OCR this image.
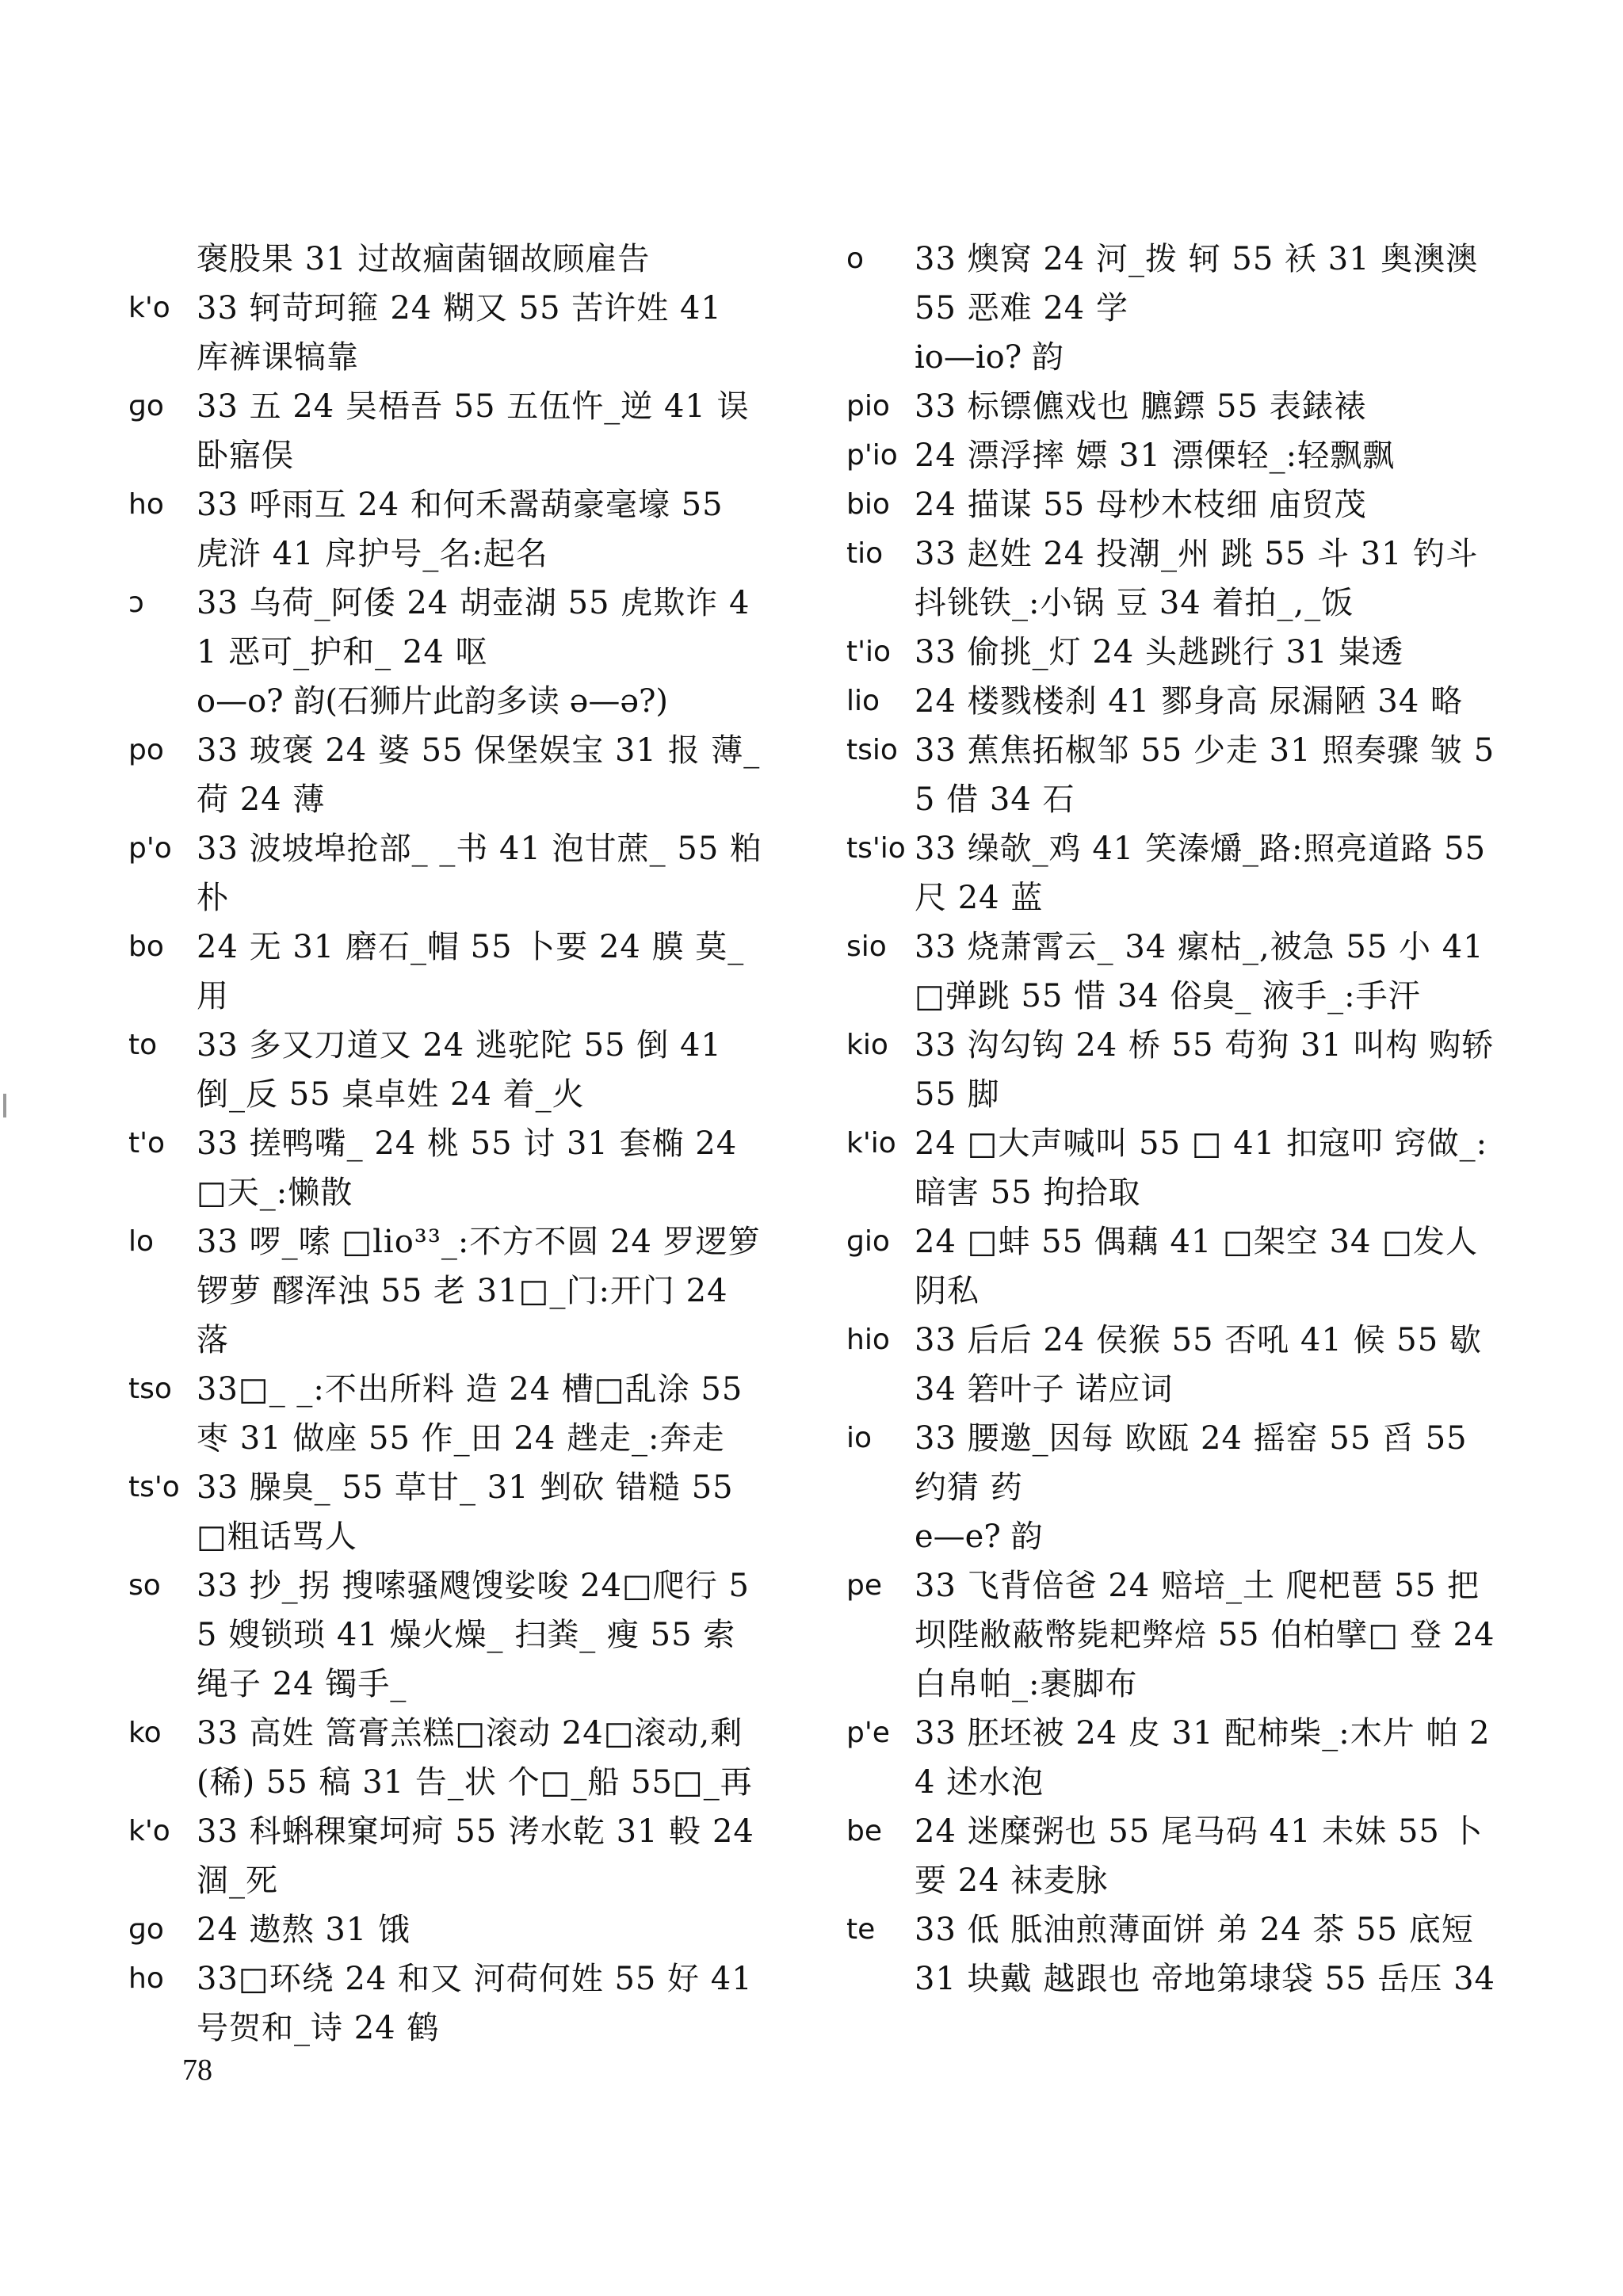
褒股果 31 过故痼菌锢故顾雇告
k'o 33 轲苛珂箍 24 糊又 55 苦许姓 41 库裤课犒靠
ɡo	33 五 24 吴梧吾 55 五伍忤_逆 41 误卧寤俣
ho	33 呼雨互 24 和何禾翯葫豪毫壕 55 虎浒 41 戽护号_名:起名
ɔ	33 乌荷_阿倭 24 胡壶湖 55 虎欺诈 41 恶可_护和_ 24 呕
o—o? 韵(石狮片此韵多读 ə—ə?)
po	33 玻褒 24 婆 55 保堡娱宝 31 报 薄_荷 24 薄
p'o 33 波坡埠抢部_ _书 41 泡甘蔗_ 55 粕 朴
bo	24 无 31 磨石_帽 55 卜要 24 膜 莫_用
to	33 多又刀道又 24 逃驼陀 55 倒 41 倒_反 55 桌卓姓 24 着_火
t'o 33 搓鸭嘴_ 24 桃 55 讨 31 套椭 24 □天_:懒散
lo	33 啰_嗦 □lio³³_:不方不圆 24 罗逻箩锣萝 醪浑浊 55 老 31□_门:开门 24 落
tso 33□_ _:不出所料 造 24 槽□乱涂 55 枣 31 做座 55 作_田 24 趖走_:奔走
ts'o 33 臊臭_ 55 草甘_ 31 剉砍 错糙 55 □粗话骂人
so	33 抄_拐 搜嗦骚飕馊娑唆 24□爬行 55 嫂锁琐 41 燥火燥_ 扫粪_ 瘦 55 索绳子 24 镯手_
ko	33 高姓 篙膏羔糕□滚动 24□滚动,剩(稀) 55 稿 31 告_状 个□_船 55□_再
k'o 33 科蝌稞窠坷疴 55 洘水乾 31 軗 24 涸_死
ɡo	24 遨熬 31 饿
ho	33□环绕 24 和又 河荷何姓 55 好 41 号贺和_诗 24 鹤
o	33 燠窝 24 河_拨 轲 55 袄 31 奥澳澳 55 恶难 24 学
io—io? 韵
pio 33 标镖儦戏也 臕鏢 55 表錶裱
p'io 24 漂浮摔 嫖 31 漂傈轻_:轻飘飘
bio 24 描谋 55 母杪木枝细 庙贸茂
tio 33 赵姓 24 投潮_州 跳 55 斗 31 钓斗 抖铫铁_:小锅 豆 34 着拍_,_饭
t'io 33 偷挑_灯 24 头趒跳行 31 粜透
lio	24 楼戮楼刹 41 鄝身高 尿漏陋 34 略
tsio 33 蕉焦拓椒邹 55 少走 31 照奏骤 皱 55 借 34 石
ts'io 33 缲欹_鸡 41 笑溱爝_路:照亮道路 55 尺 24 蓝
sio 33 烧萧霄云_ 34 瘰枯_,被急 55 小 41□弹跳 55 惜 34 俗臭_ 液手_:手汗
kio 33 沟勾钩 24 桥 55 苟狗 31 叫构 购轿 55 脚
k'io 24 □大声喊叫 55 □ 41 扣寇叩 窍做_:暗害 55 拘拾取
ɡio 24 □蚌 55 偶藕 41 □架空 34 □发人阴私
hio 33 后后 24 侯猴 55 否吼 41 候 55 歇 34 箬叶子 诺应词
io	33 腰邀_因每 欧瓯 24 摇窑 55 舀 55 约猜 药
e—e? 韵
pe	33 飞背倍爸 24 赔培_土 爬杷琶 55 把坝陛敝蔽幣毙耙弊焙 55 伯柏擘□ 登 24 白帛帕_:裹脚布
p'e 33 胚坯被 24 皮 31 配柿柴_:木片 帕 24 述水泡
be	24 迷糜粥也 55 尾马码 41 未妹 55 卜要 24 袜麦脉
te	33 低 胝油煎薄面饼 弟 24 茶 55 底短 31 块戴 越跟也 帝地第埭袋 55 岳压 34
78
